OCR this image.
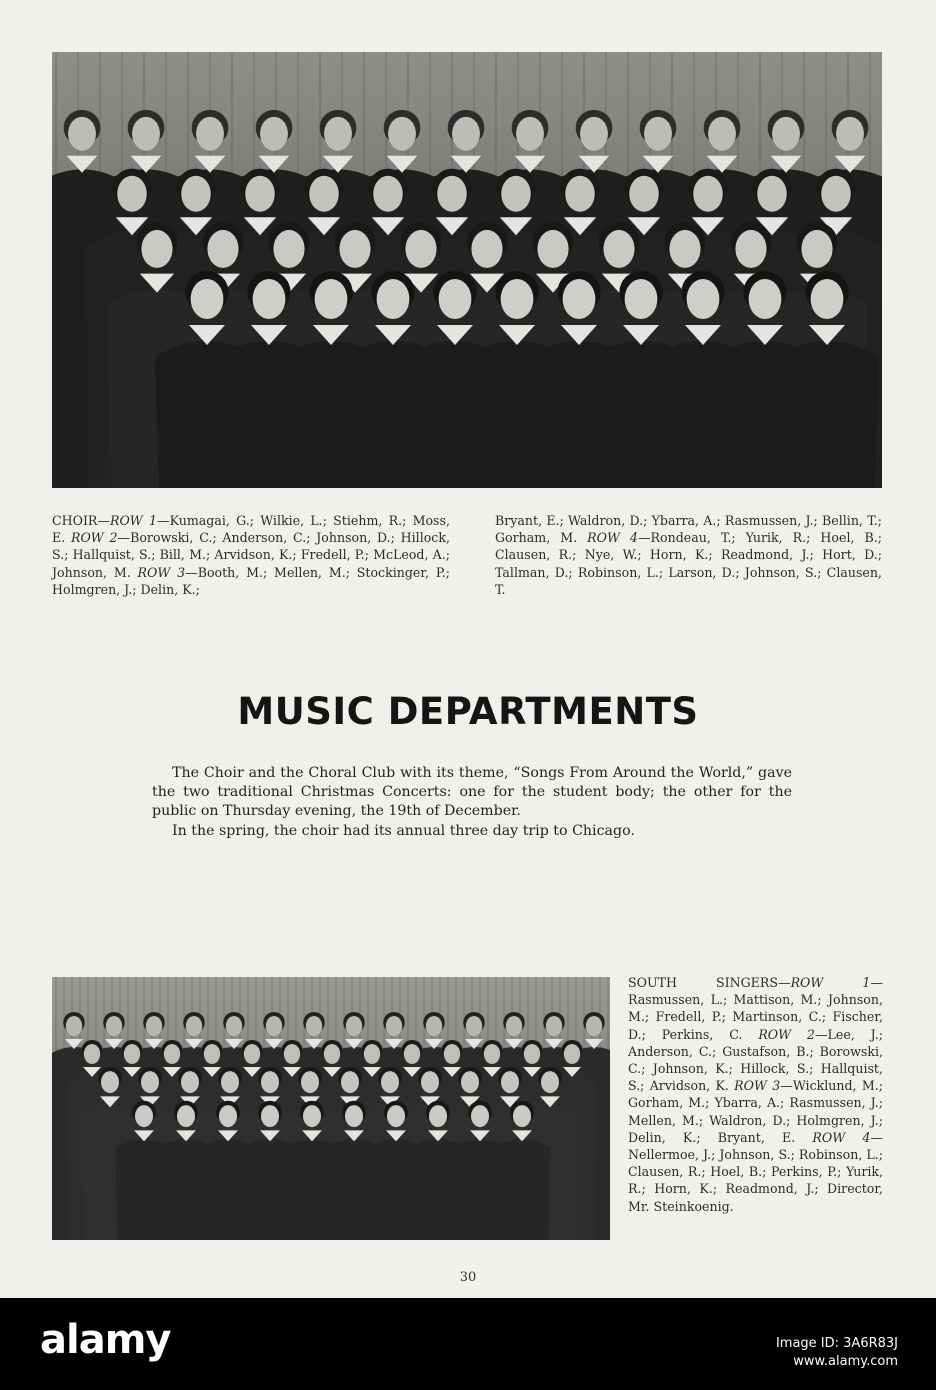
CHOIR—ROW 1—Kumagai, G.; Wilkie, L.; Stiehm, R.; Moss, E. ROW 2—Borowski, C.; Anderson, C.; Johnson, D.; Hillock, S.; Hallquist, S.; Bill, M.; Arvidson, K.; Fredell, P.; McLeod, A.; Johnson, M. ROW 3—Booth, M.; Mellen, M.; Stockinger, P.; Holmgren, J.; Delin, K.;

Bryant, E.; Waldron, D.; Ybarra, A.; Rasmussen, J.; Bellin, T.; Gorham, M. ROW 4—Rondeau, T.; Yurik, R.; Hoel, B.; Clausen, R.; Nye, W.; Horn, K.; Readmond, J.; Hort, D.; Tallman, D.; Robinson, L.; Larson, D.; Johnson, S.; Clausen, T.

MUSIC DEPARTMENTS

The Choir and the Choral Club with its theme, “Songs From Around the World,” gave the two traditional Christmas Concerts: one for the student body; the other for the public on Thursday evening, the 19th of December.

In the spring, the choir had its annual three day trip to Chicago.

SOUTH SINGERS—ROW 1—Rasmussen, L.; Mattison, M.; Johnson, M.; Fredell, P.; Martinson, C.; Fischer, D.; Perkins, C. ROW 2—Lee, J.; Anderson, C.; Gustafson, B.; Borowski, C.; Johnson, K.; Hillock, S.; Hallquist, S.; Arvidson, K. ROW 3—Wicklund, M.; Gorham, M.; Ybarra, A.; Rasmussen, J.; Mellen, M.; Waldron, D.; Holmgren, J.; Delin, K.; Bryant, E. ROW 4—Nellermoe, J.; Johnson, S.; Robinson, L.; Clausen, R.; Hoel, B.; Perkins, P.; Yurik, R.; Horn, K.; Readmond, J.; Director, Mr. Steinkoenig.

30

alamy	Image ID: 3A6R83J
www.alamy.com
